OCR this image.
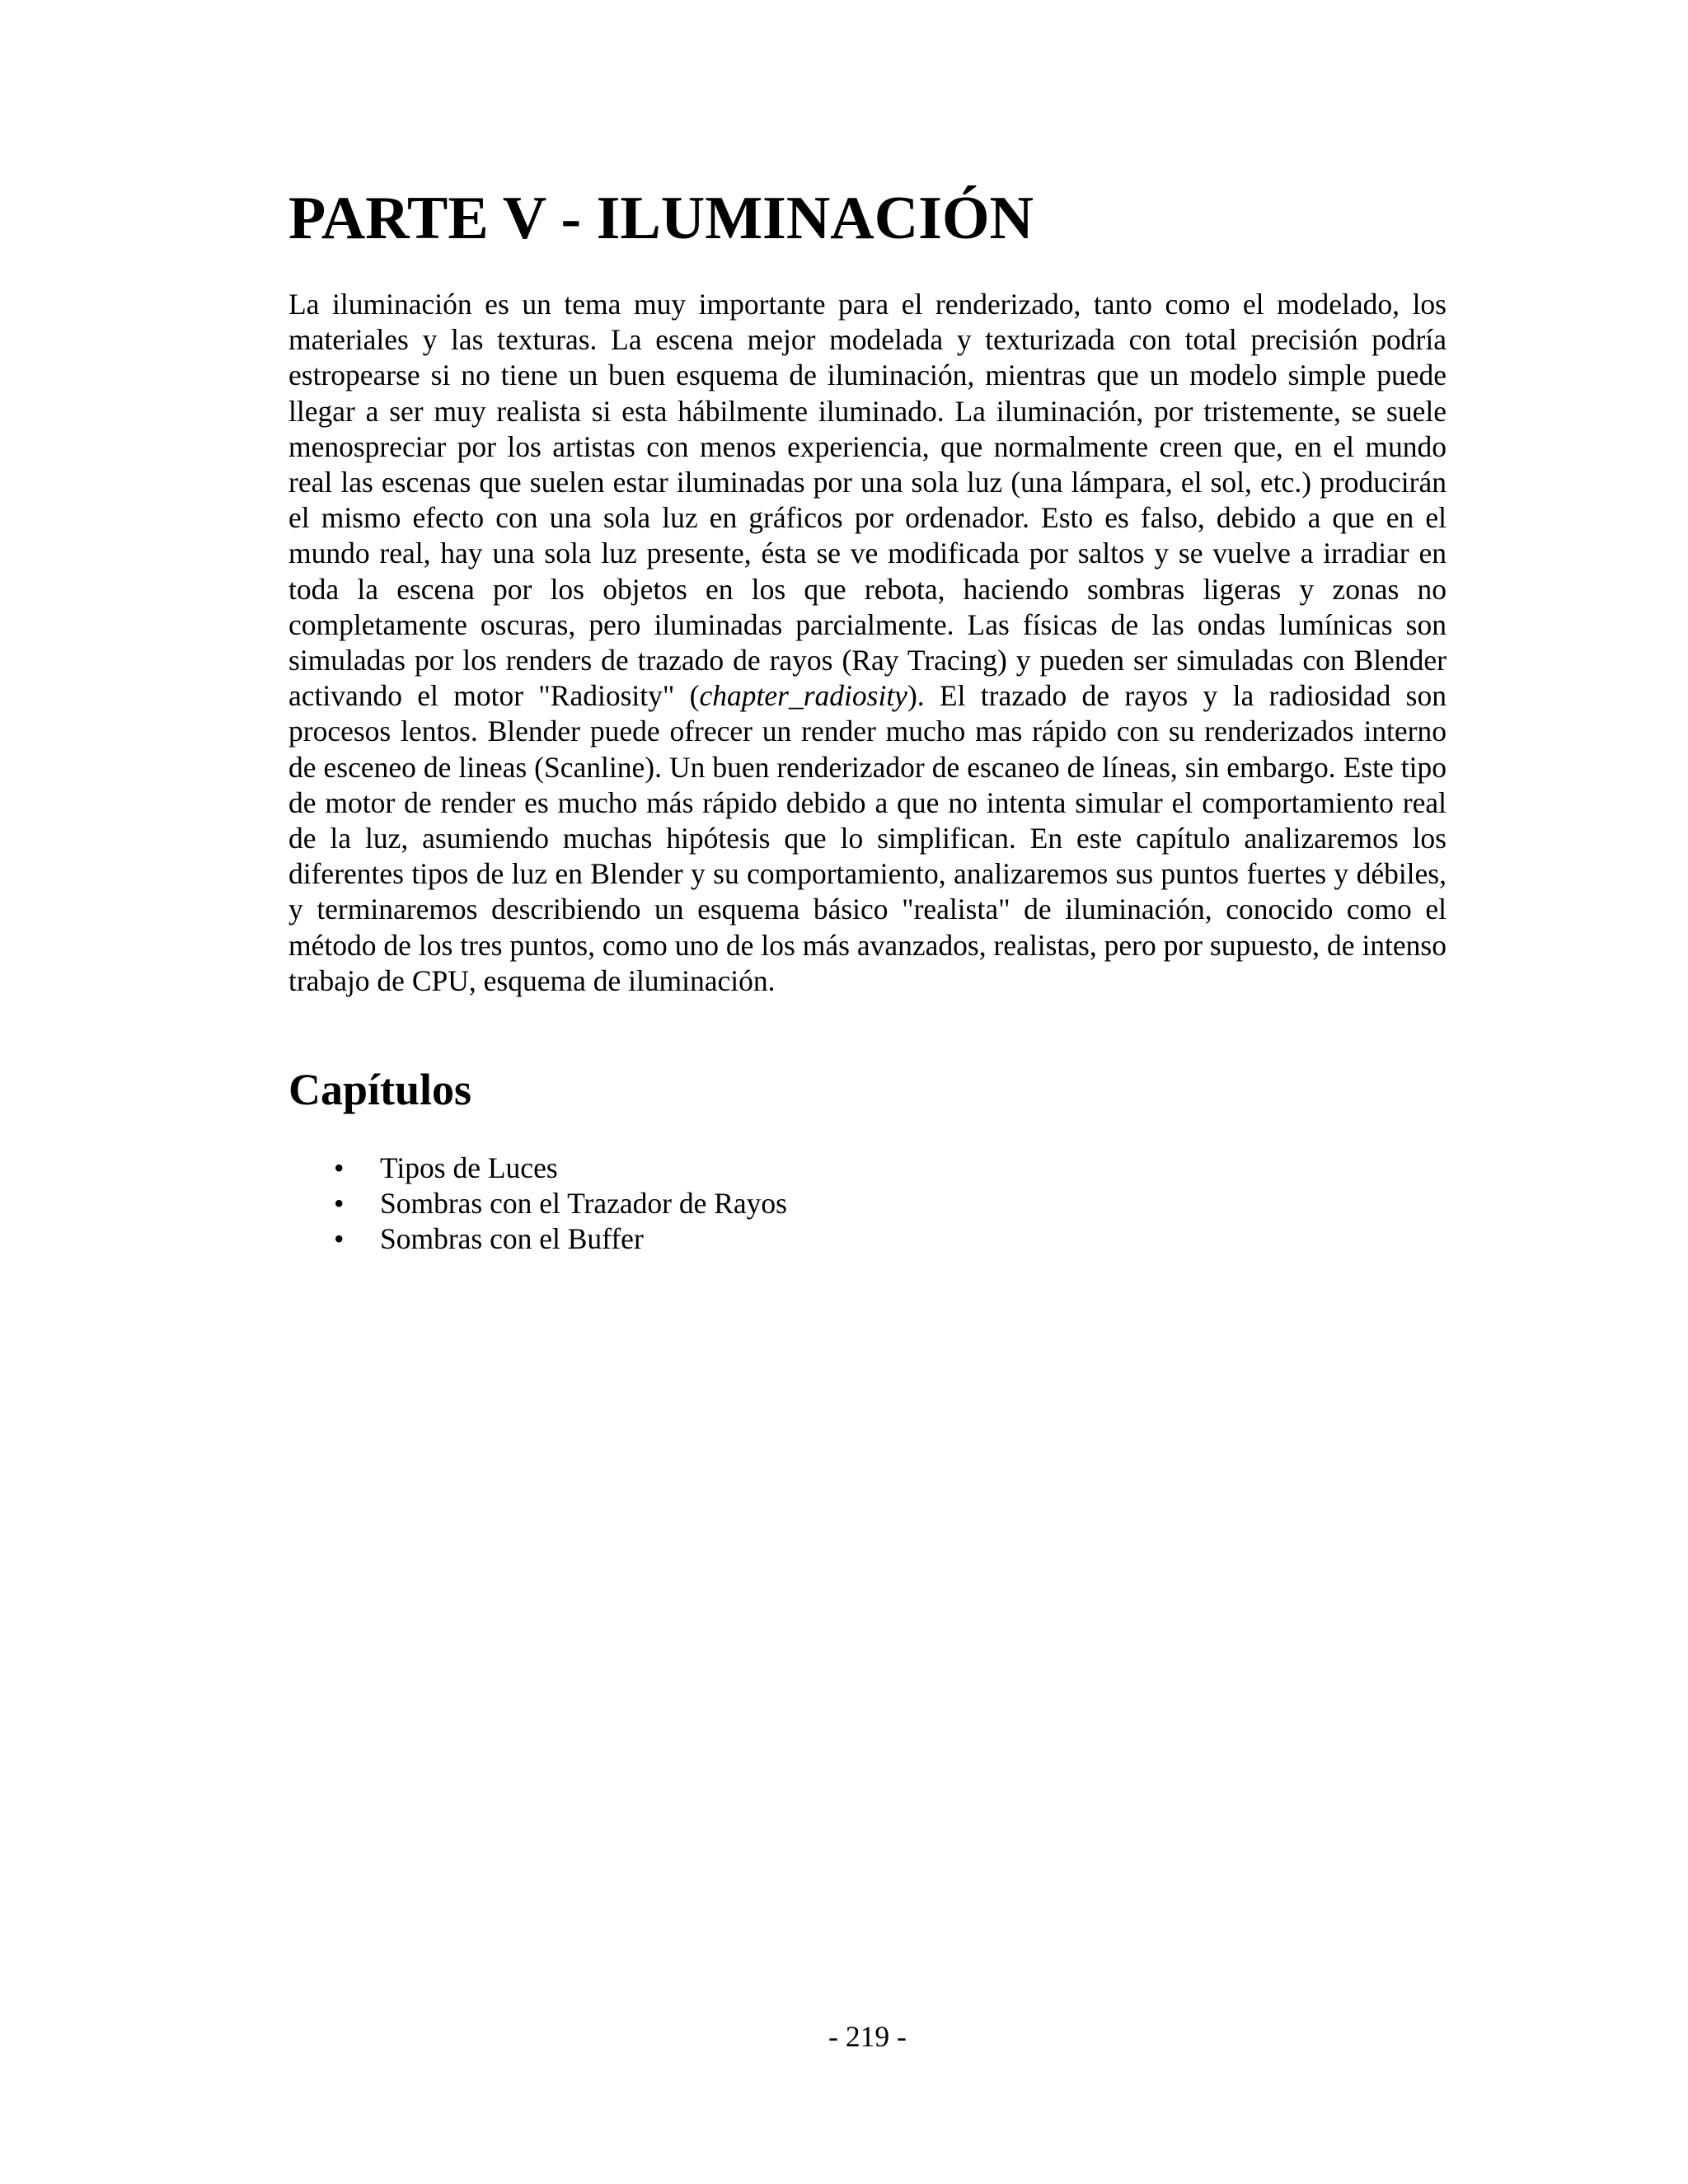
PARTE V - ILUMINACIÓN

La iluminación es un tema muy importante para el renderizado, tanto como el modelado, los materiales y las texturas. La escena mejor modelada y texturizada con total precisión podría estropearse si no tiene un buen esquema de iluminación, mientras que un modelo simple puede llegar a ser muy realista si esta hábilmente iluminado. La iluminación, por tristemente, se suele menospreciar por los artistas con menos experiencia, que normalmente creen que, en el mundo real las escenas que suelen estar iluminadas por una sola luz (una lámpara, el sol, etc.) producirán el mismo efecto con una sola luz en gráficos por ordenador. Esto es falso, debido a que en el mundo real, hay una sola luz presente, ésta se ve modificada por saltos y se vuelve a irradiar en toda la escena por los objetos en los que rebota, haciendo sombras ligeras y zonas no completamente oscuras, pero iluminadas parcialmente. Las físicas de las ondas lumínicas son simuladas por los renders de trazado de rayos (Ray Tracing) y pueden ser simuladas con Blender activando el motor "Radiosity" (chapter_radiosity). El trazado de rayos y la radiosidad son procesos lentos. Blender puede ofrecer un render mucho mas rápido con su renderizados interno de esceneo de lineas (Scanline). Un buen renderizador de escaneo de líneas, sin embargo. Este tipo de motor de render es mucho más rápido debido a que no intenta simular el comportamiento real de la luz, asumiendo muchas hipótesis que lo simplifican. En este capítulo analizaremos los diferentes tipos de luz en Blender y su comportamiento, analizaremos sus puntos fuertes y débiles, y terminaremos describiendo un esquema básico "realista" de iluminación, conocido como el método de los tres puntos, como uno de los más avanzados, realistas, pero por supuesto, de intenso trabajo de CPU, esquema de iluminación.

Capítulos
• Tipos de Luces
• Sombras con el Trazador de Rayos
• Sombras con el Buffer
- 219 -
